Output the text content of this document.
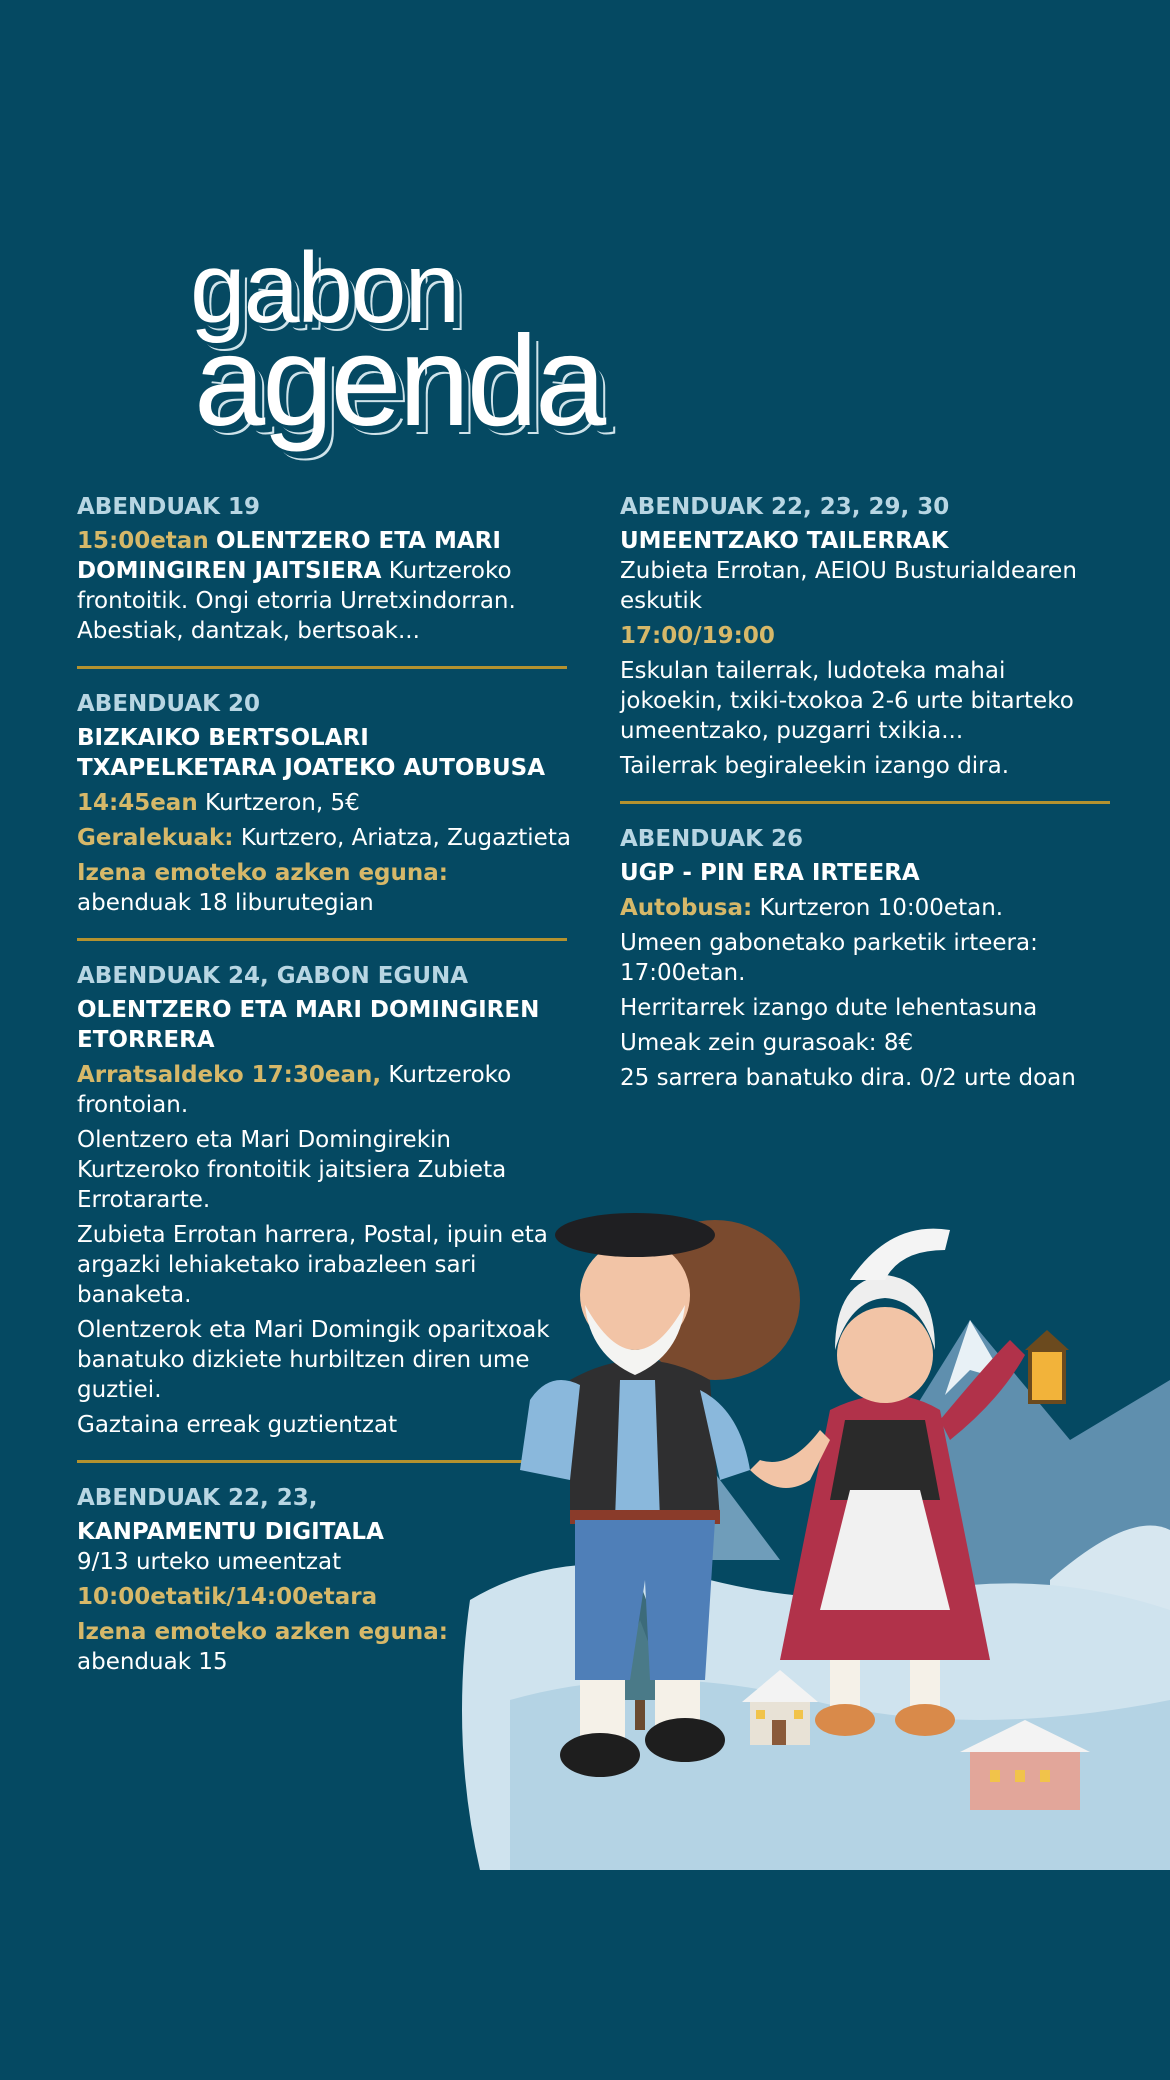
gabon
agenda
ABENDUAK 19
15:00etan OLENTZERO ETA MARI DOMINGIREN JAITSIERA Kurtzeroko frontoitik. Ongi etorria Urretxindorran. Abestiak, dantzak, bertsoak...
ABENDUAK 20
BIZKAIKO BERTSOLARI TXAPELKETARA JOATEKO AUTOBUSA
14:45ean Kurtzeron, 5€
Geralekuak: Kurtzero, Ariatza, Zugaztieta
Izena emoteko azken eguna:
abenduak 18 liburutegian
ABENDUAK 24, GABON EGUNA
OLENTZERO ETA MARI DOMINGIREN ETORRERA
Arratsaldeko 17:30ean, Kurtzeroko frontoian.
Olentzero eta Mari Domingirekin Kurtzeroko frontoitik jaitsiera Zubieta Errotararte.
Zubieta Errotan harrera, Postal, ipuin eta argazki lehiaketako irabazleen sari banaketa.
Olentzerok eta Mari Domingik oparitxoak banatuko dizkiete hurbiltzen diren ume guztiei.
Gaztaina erreak guztientzat
ABENDUAK 22, 23,
KANPAMENTU DIGITALA
9/13 urteko umeentzat
10:00etatik/14:00etara
Izena emoteko azken eguna:
abenduak 15
ABENDUAK 22, 23, 29, 30
UMEENTZAKO TAILERRAK
Zubieta Errotan, AEIOU Busturialdearen eskutik
17:00/19:00
Eskulan tailerrak, ludoteka mahai jokoekin, txiki-txokoa 2-6 urte bitarteko umeentzako, puzgarri txikia...
Tailerrak begiraleekin izango dira.
ABENDUAK 26
UGP - PIN ERA IRTEERA
Autobusa: Kurtzeron 10:00etan.
Umeen gabonetako parketik irteera: 17:00etan.
Herritarrek izango dute lehentasuna
Umeak zein gurasoak: 8€
25 sarrera banatuko dira. 0/2 urte doan
